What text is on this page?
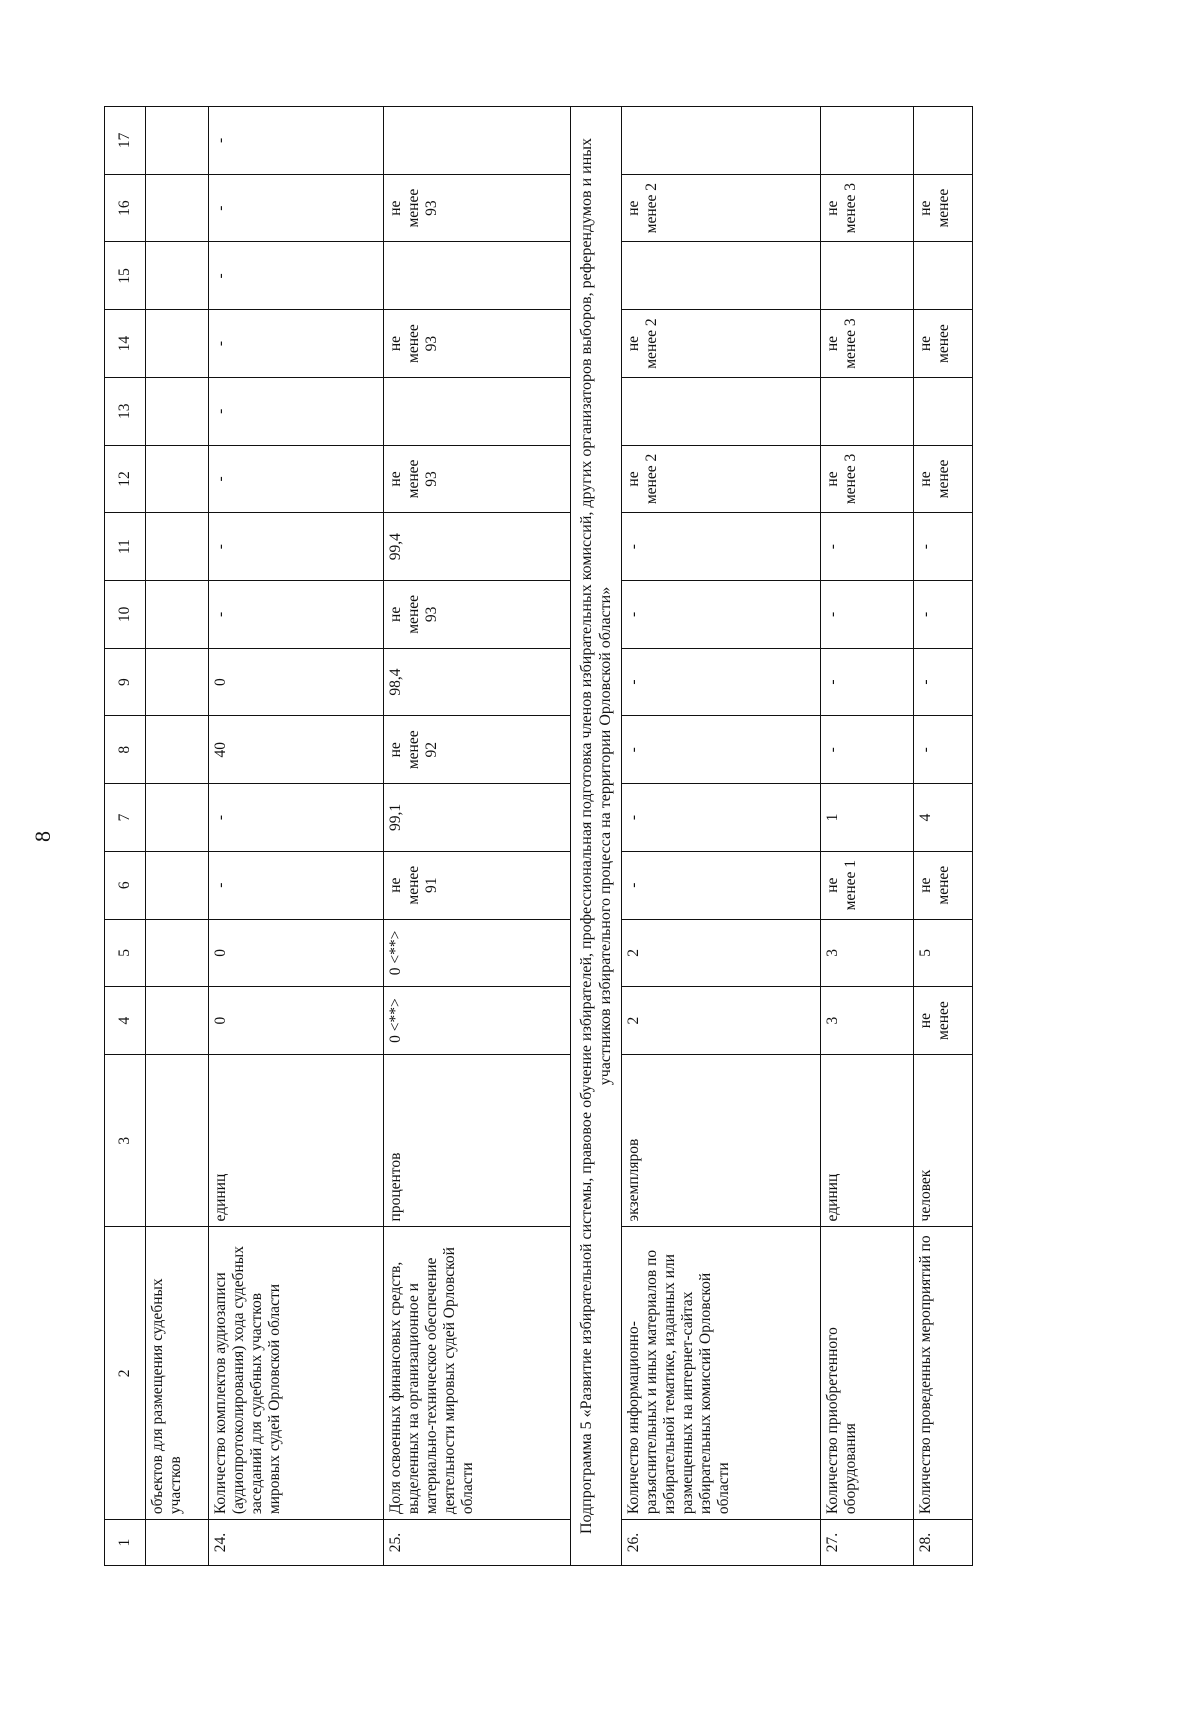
8
1	2	3	4	5	6	7	8	9	10	11	12	13	14	15	16	17
	объектов для размещения судебных участков															
24.	Количество комплектов аудиозаписи (аудиопротоколирования) хода судебных заседаний для судебных участков мировых судей Орловской области	единиц	0	0	-	-	40	0	-	-	-	-	-	-	-	-
25.	Доля освоенных финансовых средств, выделенных на организационное и материально-техническое обеспечение деятельности мировых судей Орловской области	процентов	0 <**>	0 <**>	не менее 91	99,1	не менее 92	98,4	не менее 93	99,4	не менее 93		не менее 93		не менее 93	
Подпрограмма 5 «Развитие избирательной системы, правовое обучение избирателей, профессиональная подготовка членов избирательных комиссий, других организаторов выборов, референдумов и иных участников избирательного процесса на территории Орловской области»																
26.	Количество информационно-разъяснительных и иных материалов по избирательной тематике, изданных или размещенных на интернет-сайтах избирательных комиссий Орловской области	экземпляров	2	2	-	-	-	-	-	-	не менее 2		не менее 2		не менее 2	
27.	Количество приобретенного оборудования	единиц	3	3	не менее 1	1	-	-	-	-	не менее 3		не менее 3		не менее 3	
28.	Количество проведенных мероприятий по	человек	не менее	5	не менее	4	-	-	-	-	не менее		не менее		не менее	
